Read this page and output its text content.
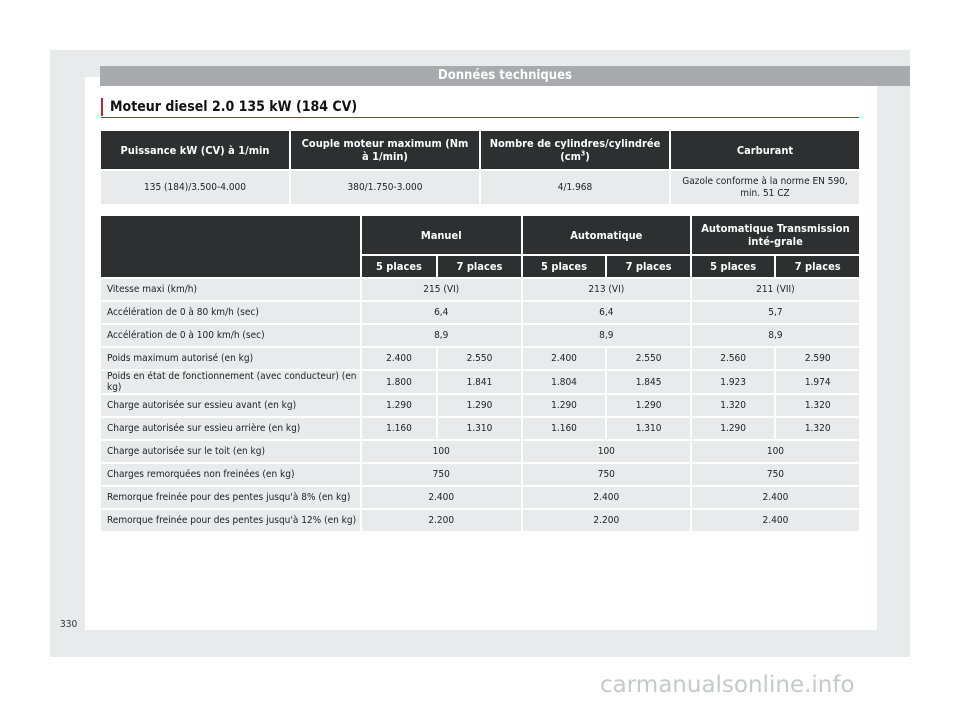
Données techniques
Moteur diesel 2.0 135 kW (184 CV)
Puissance kW (CV) à 1/min	Couple moteur maximum (Nm à 1/min)	Nombre de cylindres/cylindrée $(cm^3)$	Carburant
135 (184)/3.500-4.000	380/1.750-3.000	4/1.968	Gazole conforme à la norme EN 590, min. 51 CZ
	Manuel		Automatique		Automatique Transmission inté-grale	
	5 places	7 places	5 places	7 places	5 places	7 places
Vitesse maxi (km/h)	215 (VI)		213 (VI)		211 (VII)	
Accélération de 0 à 80 km/h (sec)	6,4		6,4		5,7	
Accélération de 0 à 100 km/h (sec)	8,9		8,9		8,9	
Poids maximum autorisé (en kg)	2.400	2.550	2.400	2.550	2.560	2.590
Poids en état de fonctionnement (avec conducteur) (en kg)	1.800	1.841	1.804	1.845	1.923	1.974
Charge autorisée sur essieu avant (en kg)	1.290	1.290	1.290	1.290	1.320	1.320
Charge autorisée sur essieu arrière (en kg)	1.160	1.310	1.160	1.310	1.290	1.320
Charge autorisée sur le toit (en kg)	100		100		100	
Charges remorquées non freinées (en kg)	750		750		750	
Remorque freinée pour des pentes jusqu'à 8% (en kg)	2.400		2.400		2.400	
Remorque freinée pour des pentes jusqu'à 12% (en kg)	2.200		2.200		2.400	
330
carmanualsonline.info
